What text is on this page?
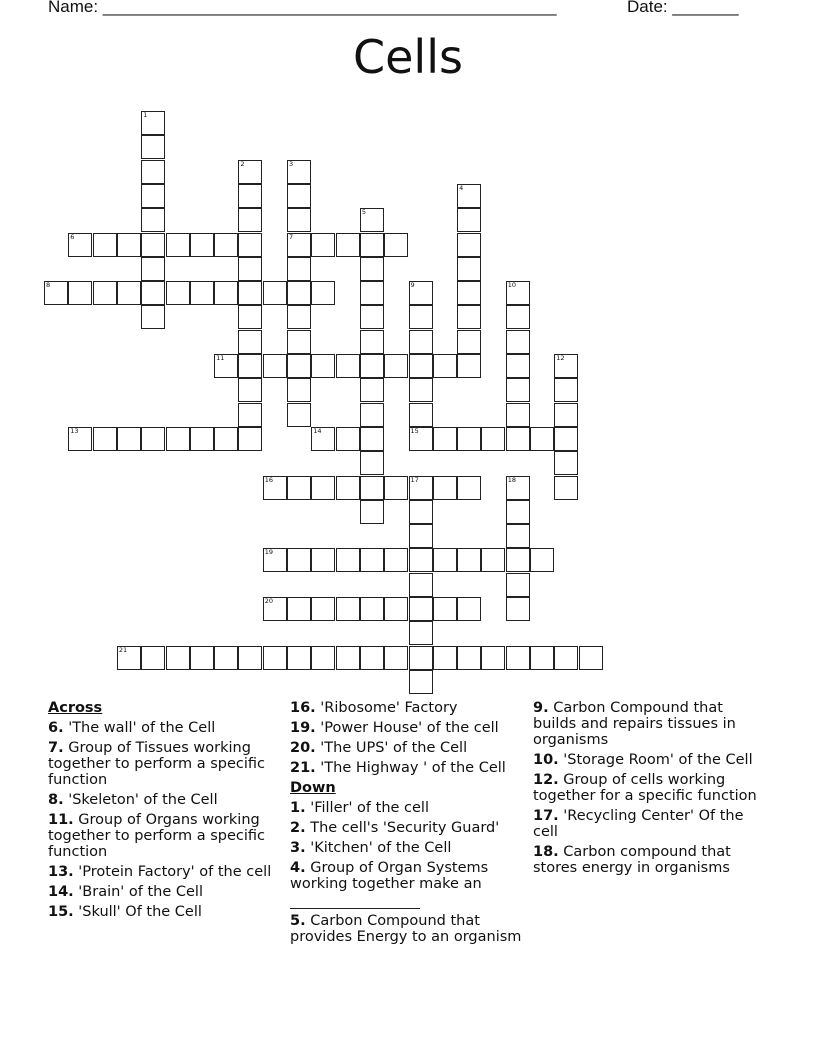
Name: ________________________________________________	Date: _______
Cells
1
2	3
7
4
5
9
15
10
12
17	18
6
8
11
13	14
16
19
20
21
Across
6. 'The wall' of the Cell
7. Group of Tissues working together to perform a specific function
8. 'Skeleton' of the Cell
11. Group of Organs working together to perform a specific function
13. 'Protein Factory' of the cell
14. 'Brain' of the Cell
15. 'Skull' Of the Cell
16. 'Ribosome' Factory
19. 'Power House' of the cell
20. 'The UPS' of the Cell
21. 'The Highway ' of the Cell
Down
1. 'Filler' of the cell
2. The cell's 'Security Guard'
3. 'Kitchen' of the Cell
4. Group of Organ Systems working together make an
5. Carbon Compound that provides Energy to an organism
9. Carbon Compound that builds and repairs tissues in organisms
10. 'Storage Room' of the Cell
12. Group of cells working together for a specific function
17. 'Recycling Center' Of the cell
18. Carbon compound that stores energy in organisms
